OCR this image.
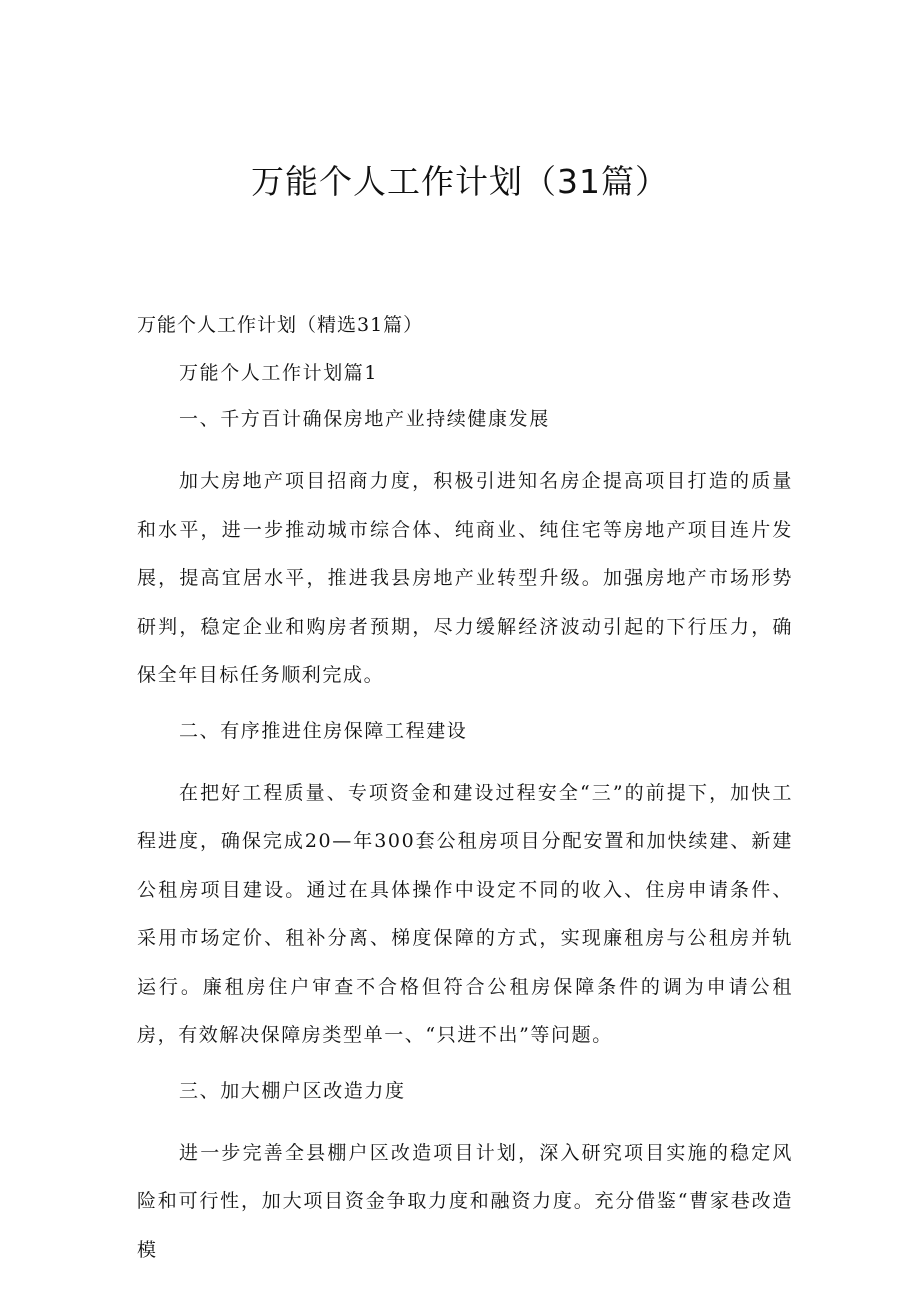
万能个人工作计划（31篇）

万能个人工作计划（精选31篇）

万能个人工作计划篇1

一、千方百计确保房地产业持续健康发展

加大房地产项目招商力度，积极引进知名房企提高项目打造的质量和水平，进一步推动城市综合体、纯商业、纯住宅等房地产项目连片发展，提高宜居水平，推进我县房地产业转型升级。加强房地产市场形势研判，稳定企业和购房者预期，尽力缓解经济波动引起的下行压力，确保全年目标任务顺利完成。

二、有序推进住房保障工程建设

在把好工程质量、专项资金和建设过程安全“三”的前提下，加快工程进度，确保完成20—年300套公租房项目分配安置和加快续建、新建公租房项目建设。通过在具体操作中设定不同的收入、住房申请条件、采用市场定价、租补分离、梯度保障的方式，实现廉租房与公租房并轨运行。廉租房住户审查不合格但符合公租房保障条件的调为申请公租房，有效解决保障房类型单一、“只进不出”等问题。

三、加大棚户区改造力度

进一步完善全县棚户区改造项目计划，深入研究项目实施的稳定风险和可行性，加大项目资金争取力度和融资力度。充分借鉴“曹家巷改造模
